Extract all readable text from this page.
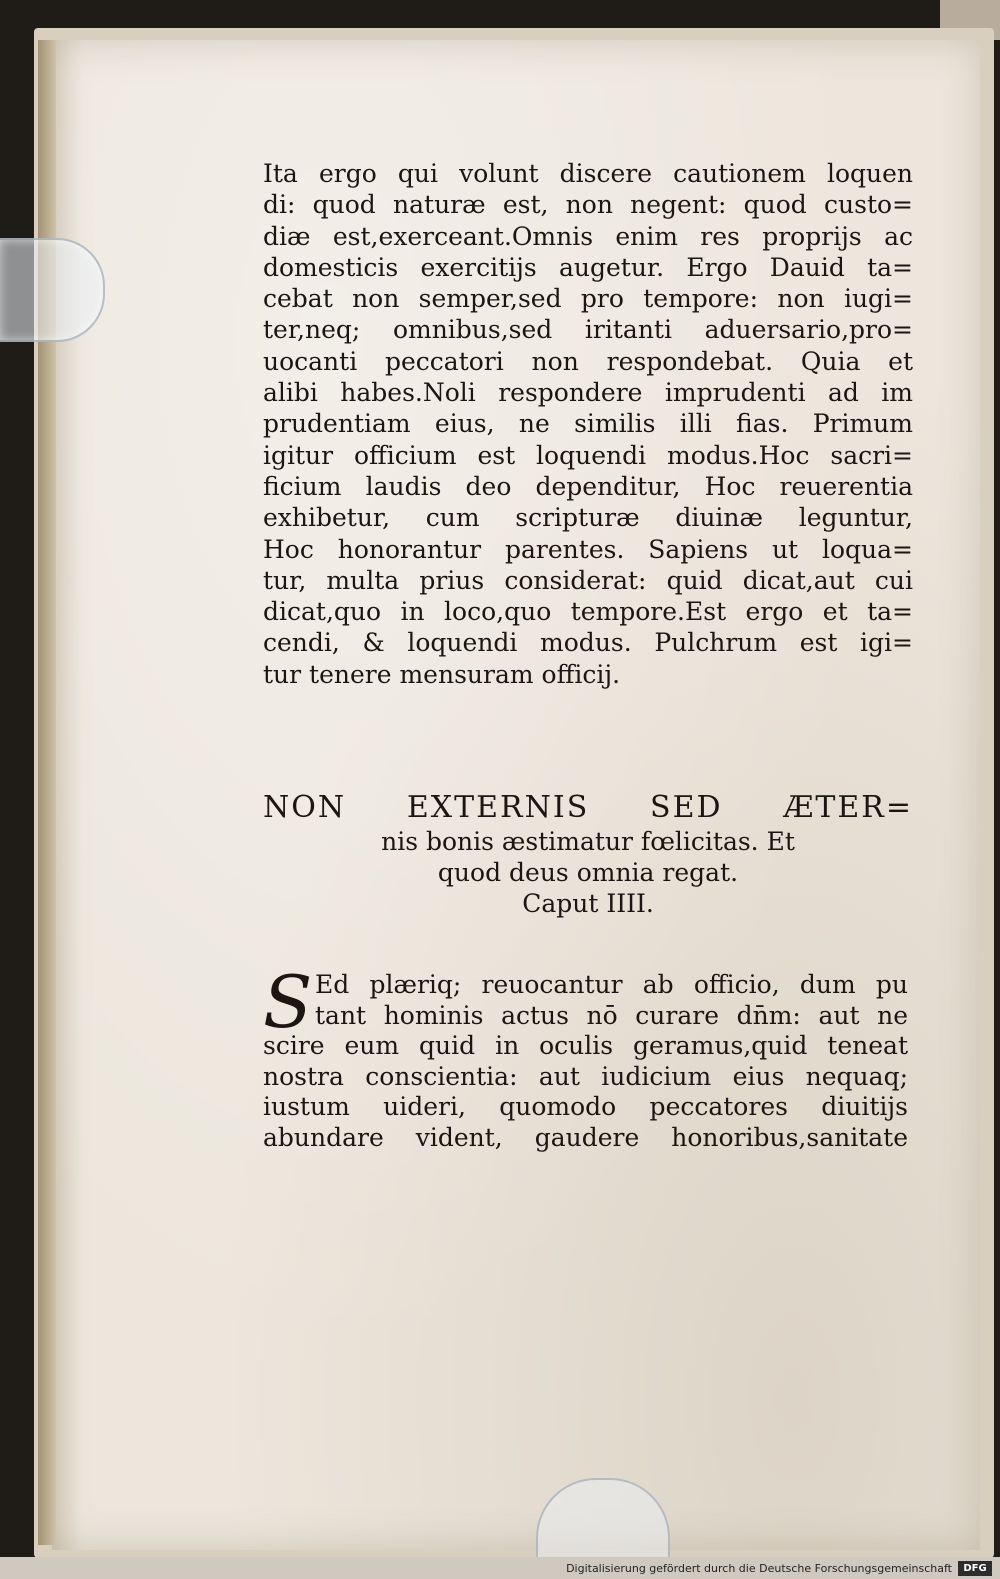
Ita ergo qui volunt discere cautionem loquen
di: quod naturæ est, non negent: quod custo=
diæ est,exerceant.Omnis enim res proprijs ac
domesticis exercitijs augetur. Ergo Dauid ta=
cebat non semper,sed pro tempore: non iugi=
ter,neq; omnibus,sed iritanti aduersario,pro=
uocanti peccatori non respondebat. Quia et
alibi habes.Noli respondere imprudenti ad im
prudentiam eius, ne similis illi fias. Primum
igitur officium est loquendi modus.Hoc sacri=
ficium laudis deo dependitur, Hoc reuerentia
exhibetur, cum scripturæ diuinæ leguntur,
Hoc honorantur parentes. Sapiens ut loqua=
tur, multa prius considerat: quid dicat,aut cui
dicat,quo in loco,quo tempore.Est ergo et ta=
cendi, & loquendi modus. Pulchrum est igi=
tur tenere mensuram officij.
NON EXTERNIS SED ÆTER=
nis bonis æstimatur fœlicitas. Et
quod deus omnia regat.
Caput IIII.
S Ed plæriq; reuocantur ab officio, dum pu
tant hominis actus nō curare dn̄m: aut ne
scire eum quid in oculis geramus,quid teneat
nostra conscientia: aut iudicium eius nequaq;
iustum uideri, quomodo peccatores diuitijs
abundare vident, gaudere honoribus,sanitate
Digitalisierung gefördert durch die Deutsche Forschungsgemeinschaft	DFG
